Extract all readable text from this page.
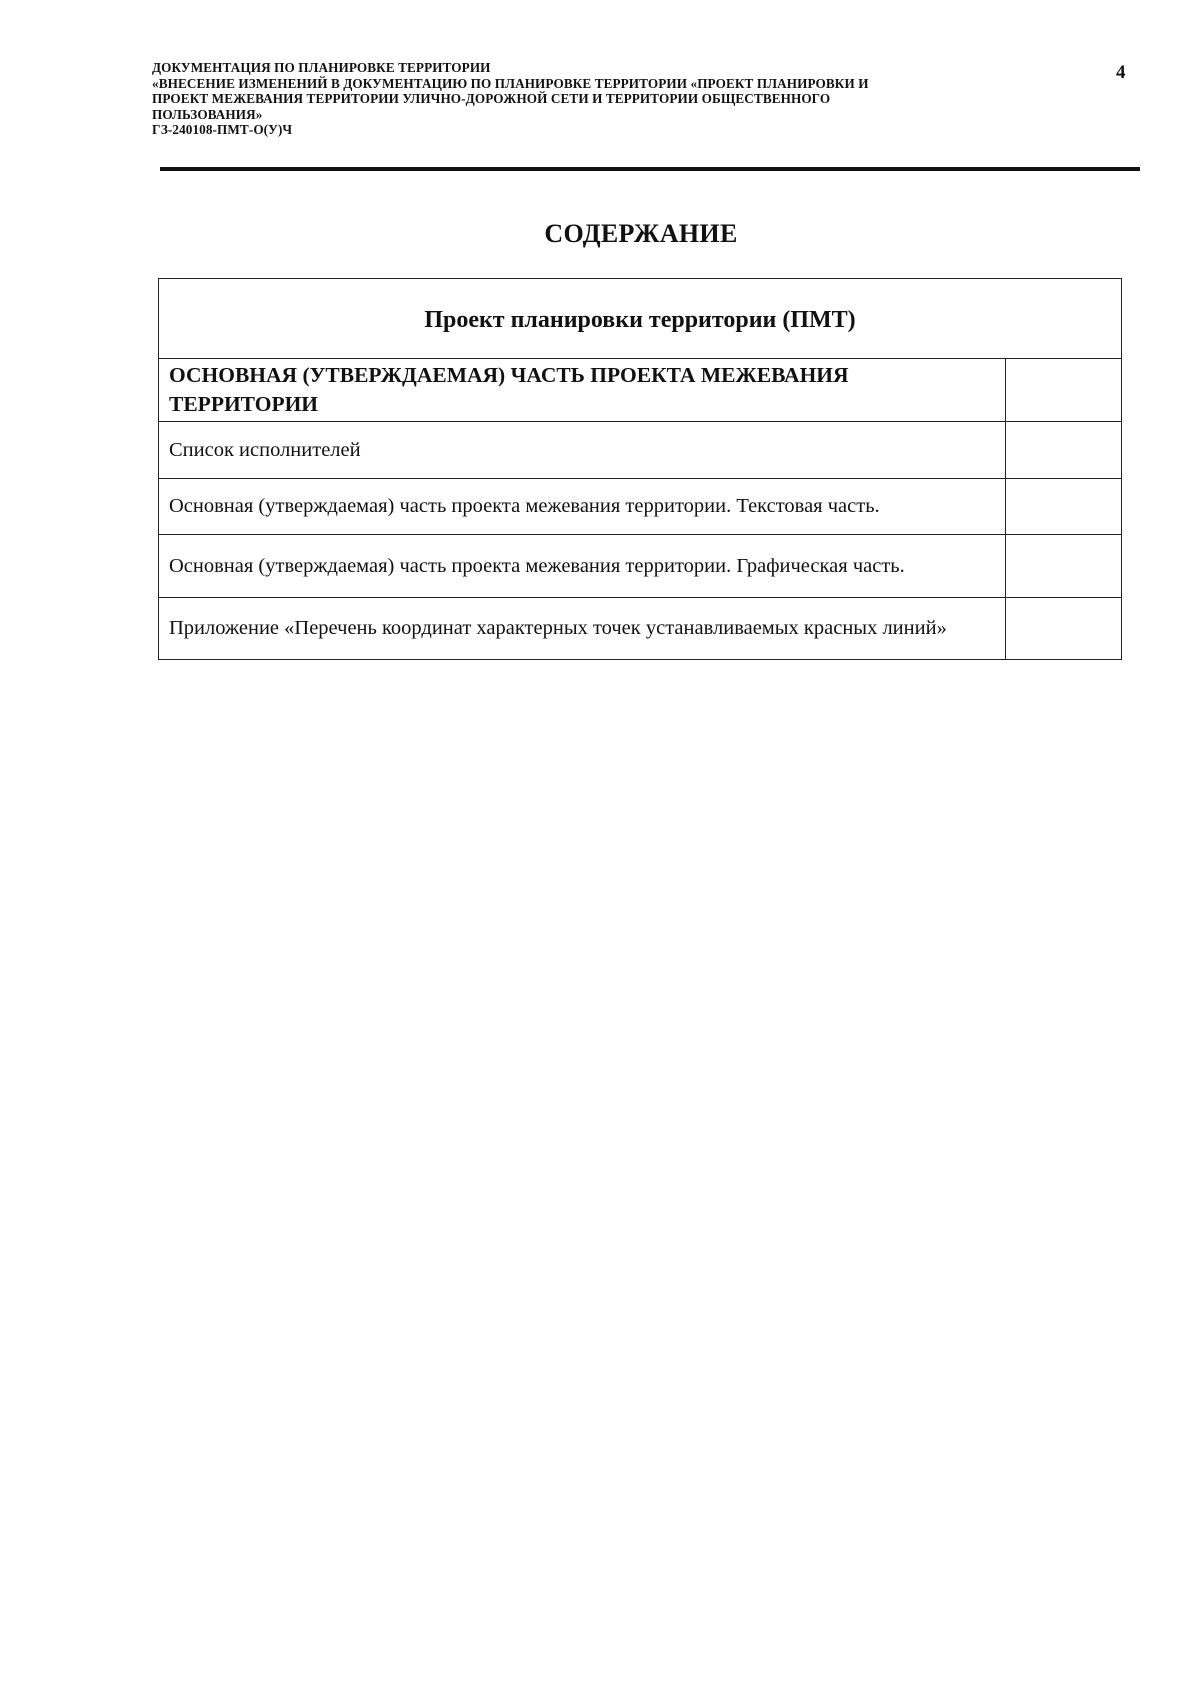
ДОКУМЕНТАЦИЯ ПО ПЛАНИРОВКЕ ТЕРРИТОРИИ
«ВНЕСЕНИЕ ИЗМЕНЕНИЙ В ДОКУМЕНТАЦИЮ ПО ПЛАНИРОВКЕ ТЕРРИТОРИИ «ПРОЕКТ ПЛАНИРОВКИ И
ПРОЕКТ МЕЖЕВАНИЯ ТЕРРИТОРИИ УЛИЧНО-ДОРОЖНОЙ СЕТИ И ТЕРРИТОРИИ ОБЩЕСТВЕННОГО
ПОЛЬЗОВАНИЯ»
ГЗ-240108-ПМТ-О(У)Ч
4
СОДЕРЖАНИЕ
Проект планировки территории (ПМТ)	
ОСНОВНАЯ (УТВЕРЖДАЕМАЯ) ЧАСТЬ ПРОЕКТА МЕЖЕВАНИЯ ТЕРРИТОРИИ	
Список исполнителей	
Основная (утверждаемая) часть проекта межевания территории. Текстовая часть.	
Основная (утверждаемая) часть проекта межевания территории. Графическая часть.	
Приложение «Перечень координат характерных точек устанавливаемых красных линий»	
